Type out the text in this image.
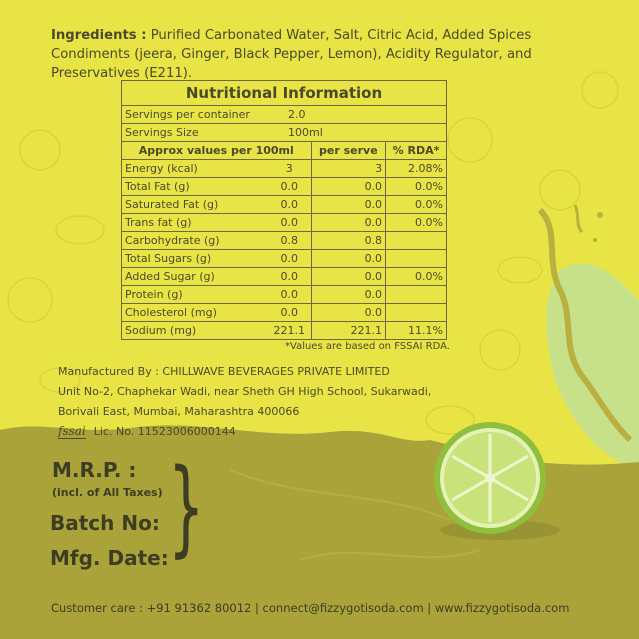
Ingredients : Purified Carbonated Water, Salt, Citric Acid, Added Spices Condiments (jeera, Ginger, Black Pepper, Lemon), Acidity Regulator, and Preservatives (E211).
Nutritional Information			
Servings per container	2.0		
Servings Size	100ml		
Approx values per 100ml		per serve	% RDA*
Energy (kcal)	3	3	2.08%
Total Fat (g)	0.0	0.0	0.0%
Saturated Fat (g)	0.0	0.0	0.0%
Trans fat (g)	0.0	0.0	0.0%
Carbohydrate (g)	0.8	0.8	
Total Sugars (g)	0.0	0.0	
Added Sugar (g)	0.0	0.0	0.0%
Protein (g)	0.0	0.0	
Cholesterol (mg)	0.0	0.0	
Sodium (mg)	221.1	221.1	11.1%
*Values are based on FSSAI RDA.
Manufactured By : CHILLWAVE BEVERAGES PRIVATE LIMITED
Unit No-2, Chaphekar Wadi, near Sheth GH High School, Sukarwadi,
Borivali East, Mumbai, Maharashtra 400066
fssai Lic. No. 11523006000144
M.R.P. :
(incl. of All Taxes)
Batch No:
Mfg. Date: }
Customer care : +91 91362 80012 | connect@fizzygotisoda.com | www.fizzygotisoda.com
